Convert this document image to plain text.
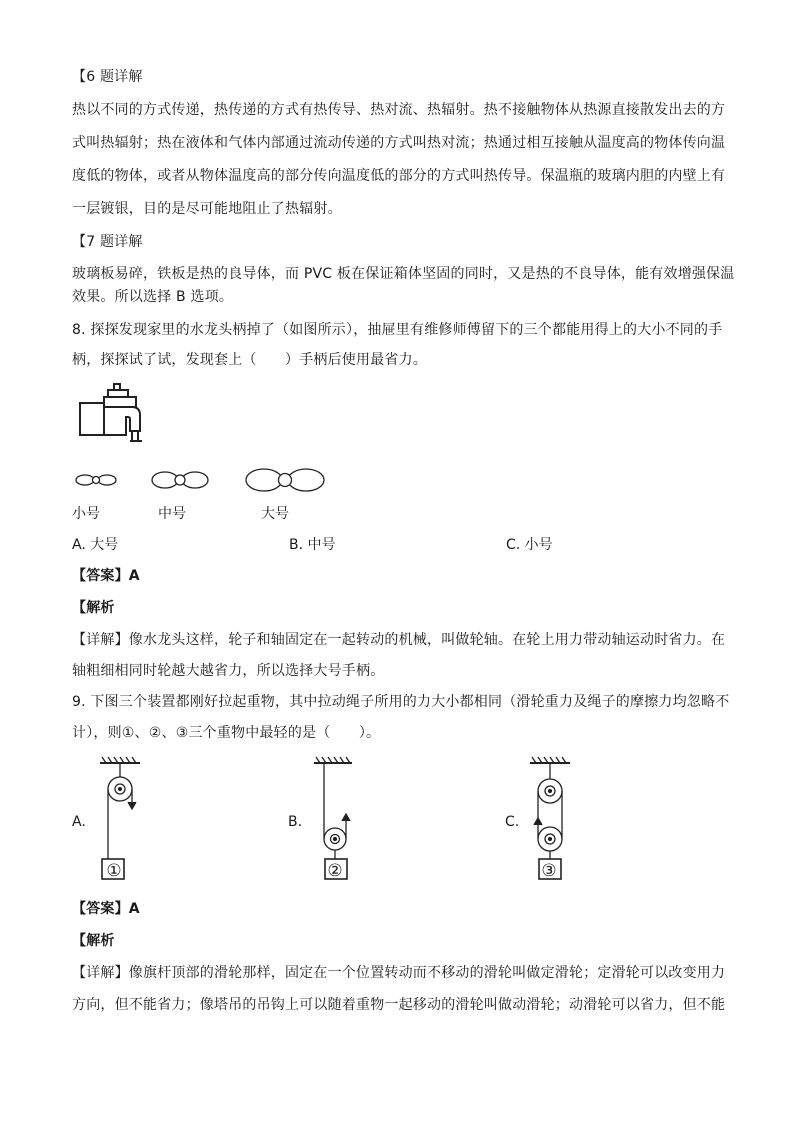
【6 题详解
热以不同的方式传递，热传递的方式有热传导、热对流、热辐射。热不接触物体从热源直接散发出去的方
式叫热辐射；热在液体和气体内部通过流动传递的方式叫热对流；热通过相互接触从温度高的物体传向温
度低的物体，或者从物体温度高的部分传向温度低的部分的方式叫热传导。保温瓶的玻璃内胆的内壁上有
一层镀银，目的是尽可能地阻止了热辐射。
【7 题详解
玻璃板易碎，铁板是热的良导体，而 PVC 板在保证箱体坚固的同时，又是热的不良导体，能有效增强保温
效果。所以选择 B 选项。
8. 探探发现家里的水龙头柄掉了（如图所示），抽屉里有维修师傅留下的三个都能用得上的大小不同的手
柄，探探试了试，发现套上（　　）手柄后使用最省力。
小号	中号	大号
A. 大号	B. 中号	C. 小号
【答案】A
【解析
【详解】像水龙头这样，轮子和轴固定在一起转动的机械，叫做轮轴。在轮上用力带动轴运动时省力。在
轴粗细相同时轮越大越省力，所以选择大号手柄。
9. 下图三个装置都刚好拉起重物，其中拉动绳子所用的力大小都相同（滑轮重力及绳子的摩擦力均忽略不
计），则①、②、③三个重物中最轻的是（　　）。
A.
①
B.
②
C.
③
【答案】A
【解析
【详解】像旗杆顶部的滑轮那样，固定在一个位置转动而不移动的滑轮叫做定滑轮；定滑轮可以改变用力
方向，但不能省力；像塔吊的吊钩上可以随着重物一起移动的滑轮叫做动滑轮；动滑轮可以省力，但不能
